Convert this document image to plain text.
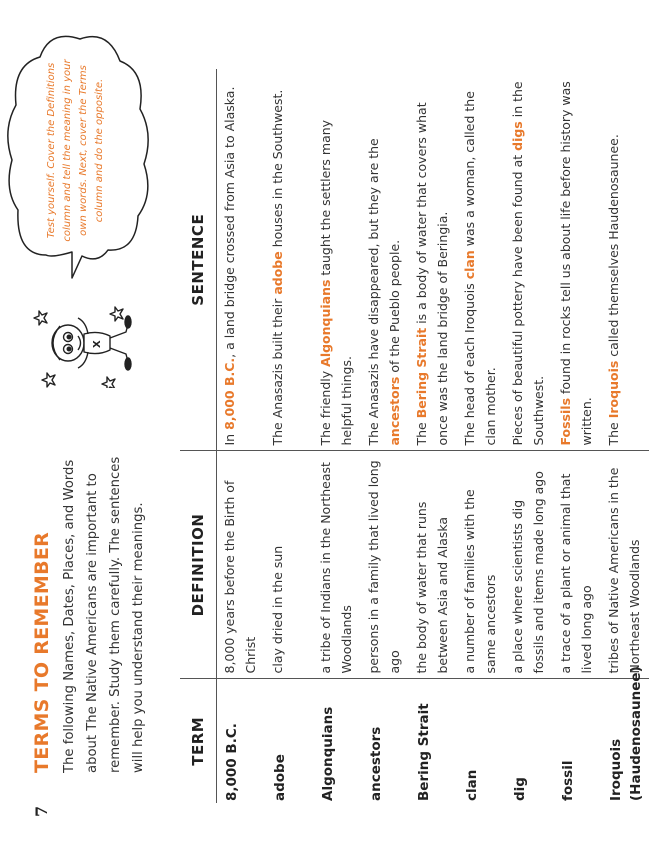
7
TERMS TO REMEMBER The following Names, Dates, Places, and Words about The Native Americans are important to remember. Study them carefully. The sentences will help you understand their meanings.
X
Test yourself. Cover the Definitions column and tell the meaning in your own words. Next, cover the Terms column and do the opposite.
TERM	DEFINITION	SENTENCE
8,000 B.C.	8,000 years before the Birth of Christ	In 8,000 B.C., a land bridge crossed from Asia to Alaska.
adobe	clay dried in the sun	The Anasazis built their adobe houses in the Southwest.
Algonquians	a tribe of Indians in the Northeast Woodlands	The friendly Algonquians taught the settlers many helpful things.
ancestors	persons in a family that lived long ago	The Anasazis have disappeared, but they are the ancestors of the Pueblo people.
Bering Strait	the body of water that runs between Asia and Alaska	The Bering Strait is a body of water that covers what once was the land bridge of Beringia.
clan	a number of families with the same ancestors	The head of each Iroquois clan was a woman, called the clan mother.
dig	a place where scientists dig fossils and items made long ago	Pieces of beautiful pottery have been found at digs in the Southwest.
fossil	a trace of a plant or animal that lived long ago	Fossils found in rocks tell us about life before history was written.
Iroquois (Haudenosaunee)	tribes of Native Americans in the Northeast Woodlands	The Iroquois called themselves Haudenosaunee.
